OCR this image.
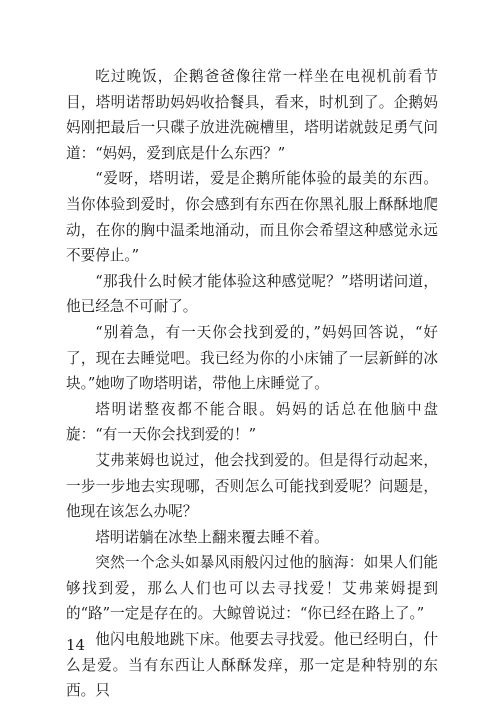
吃过晚饭，企鹅爸爸像往常一样坐在电视机前看节目，塔明诺帮助妈妈收拾餐具，看来，时机到了。企鹅妈妈刚把最后一只碟子放进洗碗槽里，塔明诺就鼓足勇气问道：“妈妈，爱到底是什么东西？”

“爱呀，塔明诺，爱是企鹅所能体验的最美的东西。当你体验到爱时，你会感到有东西在你黑礼服上酥酥地爬动，在你的胸中温柔地涌动，而且你会希望这种感觉永远不要停止。”

“那我什么时候才能体验这种感觉呢？”塔明诺问道，他已经急不可耐了。

“别着急，有一天你会找到爱的，”妈妈回答说，“好了，现在去睡觉吧。我已经为你的小床铺了一层新鲜的冰块。”她吻了吻塔明诺，带他上床睡觉了。

塔明诺整夜都不能合眼。妈妈的话总在他脑中盘旋：“有一天你会找到爱的！”

艾弗莱姆也说过，他会找到爱的。但是得行动起来，一步一步地去实现哪，否则怎么可能找到爱呢？问题是，他现在该怎么办呢？

塔明诺躺在冰垫上翻来覆去睡不着。

突然一个念头如暴风雨般闪过他的脑海：如果人们能够找到爱，那么人们也可以去寻找爱！艾弗莱姆提到的“路”一定是存在的。大鲸曾说过：“你已经在路上了。”

他闪电般地跳下床。他要去寻找爱。他已经明白，什么是爱。当有东西让人酥酥发痒，那一定是种特别的东西。只

14
